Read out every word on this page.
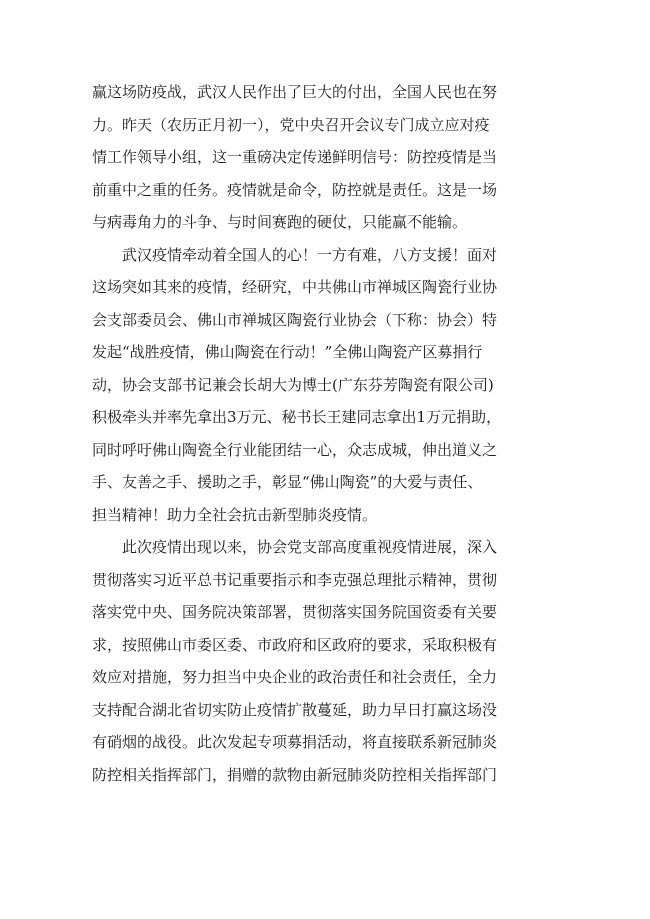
赢这场防疫战，武汉人民作出了巨大的付出，全国人民也在努
力。昨天（农历正月初一），党中央召开会议专门成立应对疫
情工作领导小组，这一重磅决定传递鲜明信号：防控疫情是当
前重中之重的任务。疫情就是命令，防控就是责任。这是一场
与病毒角力的斗争、与时间赛跑的硬仗，只能赢不能输。

　　武汉疫情牵动着全国人的心！一方有难，八方支援！面对
这场突如其来的疫情，经研究，中共佛山市禅城区陶瓷行业协
会支部委员会、佛山市禅城区陶瓷行业协会（下称：协会）特
发起“战胜疫情，佛山陶瓷在行动！”全佛山陶瓷产区募捐行
动，协会支部书记兼会长胡大为博士(广东芬芳陶瓷有限公司)
积极牵头并率先拿出3万元、秘书长王建同志拿出1万元捐助，
同时呼吁佛山陶瓷全行业能团结一心，众志成城，伸出道义之
手、友善之手、援助之手，彰显“佛山陶瓷”的大爱与责任、
担当精神！助力全社会抗击新型肺炎疫情。

　　此次疫情出现以来，协会党支部高度重视疫情进展，深入
贯彻落实习近平总书记重要指示和李克强总理批示精神，贯彻
落实党中央、国务院决策部署，贯彻落实国务院国资委有关要
求，按照佛山市委区委、市政府和区政府的要求，采取积极有
效应对措施，努力担当中央企业的政治责任和社会责任，全力
支持配合湖北省切实防止疫情扩散蔓延，助力早日打赢这场没
有硝烟的战役。此次发起专项募捐活动，将直接联系新冠肺炎
防控相关指挥部门，捐赠的款物由新冠肺炎防控相关指挥部门
